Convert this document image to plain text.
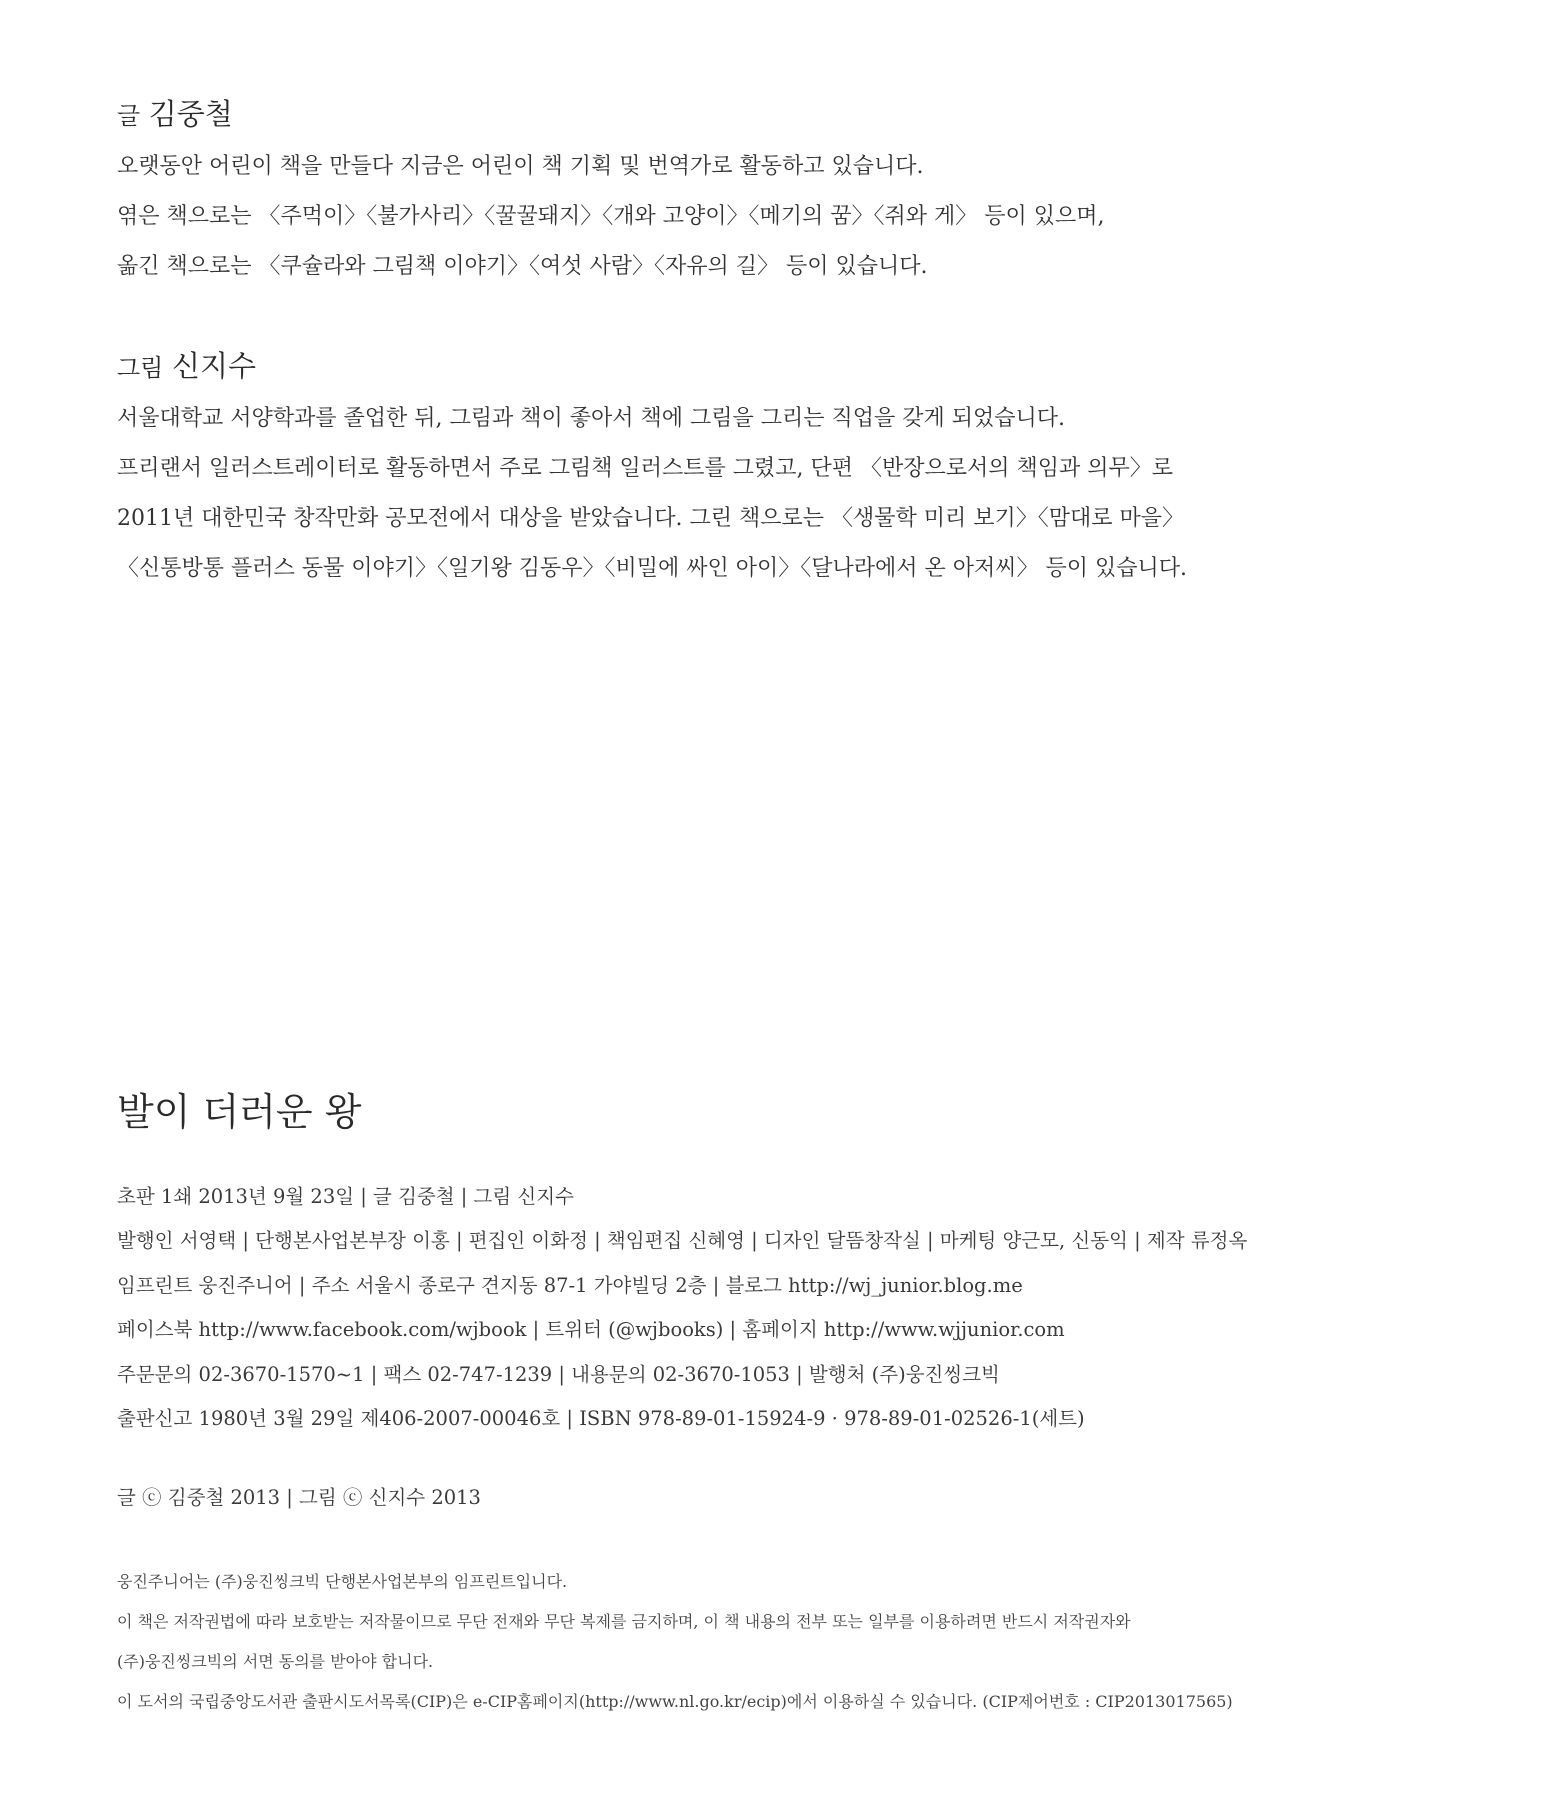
글 김중철

오랫동안 어린이 책을 만들다 지금은 어린이 책 기획 및 번역가로 활동하고 있습니다.

엮은 책으로는 〈주먹이〉〈불가사리〉〈꿀꿀돼지〉〈개와 고양이〉〈메기의 꿈〉〈쥐와 게〉 등이 있으며,

옮긴 책으로는 〈쿠슐라와 그림책 이야기〉〈여섯 사람〉〈자유의 길〉 등이 있습니다.

그림 신지수

서울대학교 서양학과를 졸업한 뒤, 그림과 책이 좋아서 책에 그림을 그리는 직업을 갖게 되었습니다.

프리랜서 일러스트레이터로 활동하면서 주로 그림책 일러스트를 그렸고, 단편 〈반장으로서의 책임과 의무〉로

2011년 대한민국 창작만화 공모전에서 대상을 받았습니다. 그린 책으로는 〈생물학 미리 보기〉〈맘대로 마을〉

〈신통방통 플러스 동물 이야기〉〈일기왕 김동우〉〈비밀에 싸인 아이〉〈달나라에서 온 아저씨〉 등이 있습니다.

발이 더러운 왕

초판 1쇄 2013년 9월 23일 | 글 김중철 | 그림 신지수

발행인 서영택 | 단행본사업본부장 이홍 | 편집인 이화정 | 책임편집 신혜영 | 디자인 달뜸창작실 | 마케팅 양근모, 신동익 | 제작 류정옥

임프린트 웅진주니어 | 주소 서울시 종로구 견지동 87-1 가야빌딩 2층 | 블로그 http://wj_junior.blog.me

페이스북 http://www.facebook.com/wjbook | 트위터 (@wjbooks) | 홈페이지 http://www.wjjunior.com

주문문의 02-3670-1570~1 | 팩스 02-747-1239 | 내용문의 02-3670-1053 | 발행처 (주)웅진씽크빅

출판신고 1980년 3월 29일 제406-2007-00046호 | ISBN 978-89-01-15924-9 · 978-89-01-02526-1(세트)

글 ⓒ 김중철 2013 | 그림 ⓒ 신지수 2013

웅진주니어는 (주)웅진씽크빅 단행본사업본부의 임프린트입니다.

이 책은 저작권법에 따라 보호받는 저작물이므로 무단 전재와 무단 복제를 금지하며, 이 책 내용의 전부 또는 일부를 이용하려면 반드시 저작권자와

(주)웅진씽크빅의 서면 동의를 받아야 합니다.

이 도서의 국립중앙도서관 출판시도서목록(CIP)은 e-CIP홈페이지(http://www.nl.go.kr/ecip)에서 이용하실 수 있습니다. (CIP제어번호 : CIP2013017565)
